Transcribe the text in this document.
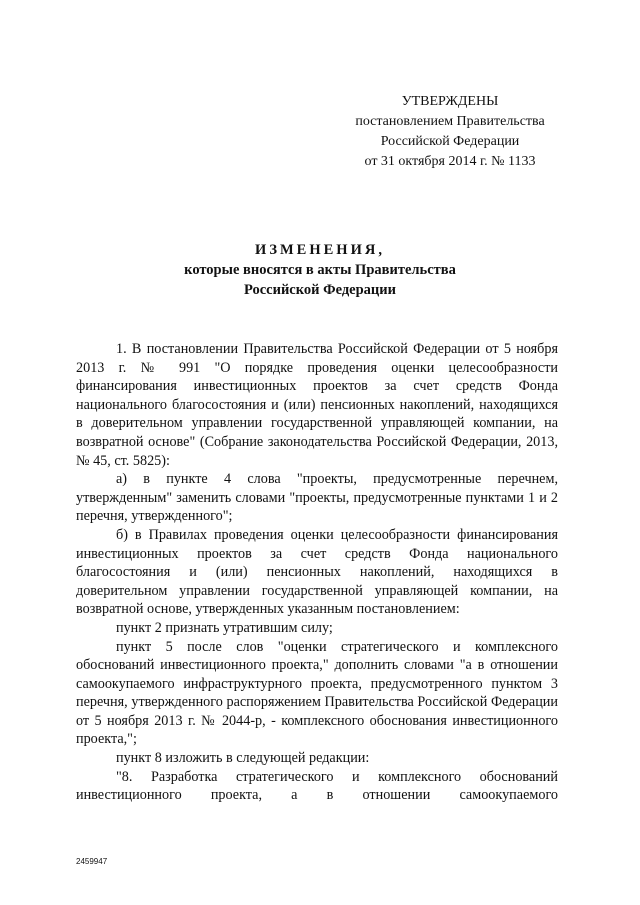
УТВЕРЖДЕНЫ
постановлением Правительства
Российской Федерации
от 31 октября 2014 г. № 1133
ИЗМЕНЕНИЯ,
которые вносятся в акты Правительства
Российской Федерации

1. В постановлении Правительства Российской Федерации от 5 ноября 2013 г. № 991 "О порядке проведения оценки целесообразности финансирования инвестиционных проектов за счет средств Фонда национального благосостояния и (или) пенсионных накоплений, находящихся в доверительном управлении государственной управляющей компании, на возвратной основе" (Собрание законодательства Российской Федерации, 2013, № 45, ст. 5825):

а) в пункте 4 слова "проекты, предусмотренные перечнем, утвержденным" заменить словами "проекты, предусмотренные пунктами 1 и 2 перечня, утвержденного";

б) в Правилах проведения оценки целесообразности финансирования инвестиционных проектов за счет средств Фонда национального благосостояния и (или) пенсионных накоплений, находящихся в доверительном управлении государственной управляющей компании, на возвратной основе, утвержденных указанным постановлением:

пункт 2 признать утратившим силу;

пункт 5 после слов "оценки стратегического и комплексного обоснований инвестиционного проекта," дополнить словами "а в отношении самоокупаемого инфраструктурного проекта, предусмотренного пунктом 3 перечня, утвержденного распоряжением Правительства Российской Федерации от 5 ноября 2013 г. № 2044-р, - комплексного обоснования инвестиционного проекта,";

пункт 8 изложить в следующей редакции:

"8. Разработка стратегического и комплексного обоснований инвестиционного проекта, а в отношении самоокупаемого

2459947
